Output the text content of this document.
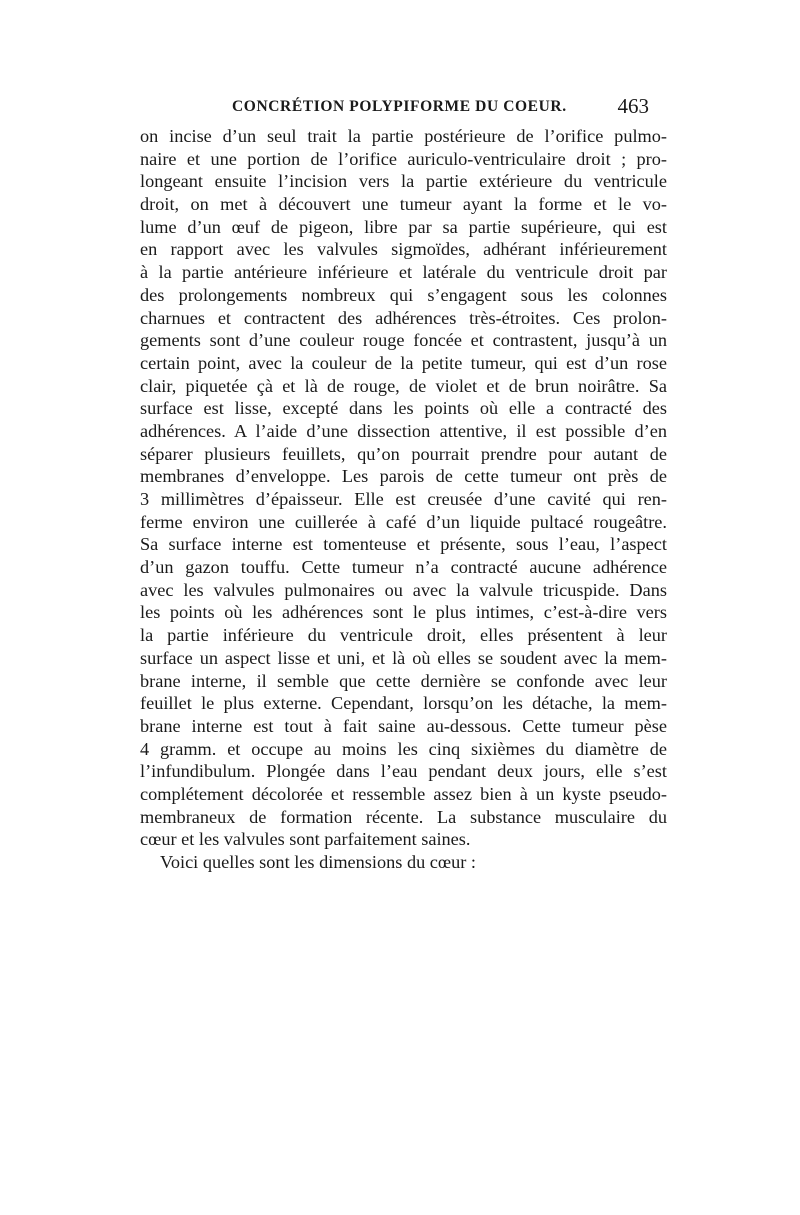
CONCRÉTION POLYPIFORME DU COEUR. 463
on incise d’un seul trait la partie postérieure de l’orifice pulmo-
naire et une portion de l’orifice auriculo-ventriculaire droit ; pro-
longeant ensuite l’incision vers la partie extérieure du ventricule
droit, on met à découvert une tumeur ayant la forme et le vo-
lume d’un œuf de pigeon, libre par sa partie supérieure, qui est
en rapport avec les valvules sigmoïdes, adhérant inférieurement
à la partie antérieure inférieure et latérale du ventricule droit par
des prolongements nombreux qui s’engagent sous les colonnes
charnues et contractent des adhérences très-étroites. Ces prolon-
gements sont d’une couleur rouge foncée et contrastent, jusqu’à un
certain point, avec la couleur de la petite tumeur, qui est d’un rose
clair, piquetée çà et là de rouge, de violet et de brun noirâtre. Sa
surface est lisse, excepté dans les points où elle a contracté des
adhérences. A l’aide d’une dissection attentive, il est possible d’en
séparer plusieurs feuillets, qu’on pourrait prendre pour autant de
membranes d’enveloppe. Les parois de cette tumeur ont près de
3 millimètres d’épaisseur. Elle est creusée d’une cavité qui ren-
ferme environ une cuillerée à café d’un liquide pultacé rougeâtre.
Sa surface interne est tomenteuse et présente, sous l’eau, l’aspect
d’un gazon touffu. Cette tumeur n’a contracté aucune adhérence
avec les valvules pulmonaires ou avec la valvule tricuspide. Dans
les points où les adhérences sont le plus intimes, c’est-à-dire vers
la partie inférieure du ventricule droit, elles présentent à leur
surface un aspect lisse et uni, et là où elles se soudent avec la mem-
brane interne, il semble que cette dernière se confonde avec leur
feuillet le plus externe. Cependant, lorsqu’on les détache, la mem-
brane interne est tout à fait saine au-dessous. Cette tumeur pèse
4 gramm. et occupe au moins les cinq sixièmes du diamètre de
l’infundibulum. Plongée dans l’eau pendant deux jours, elle s’est
complétement décolorée et ressemble assez bien à un kyste pseudo-
membraneux de formation récente. La substance musculaire du
cœur et les valvules sont parfaitement saines.
Voici quelles sont les dimensions du cœur :
